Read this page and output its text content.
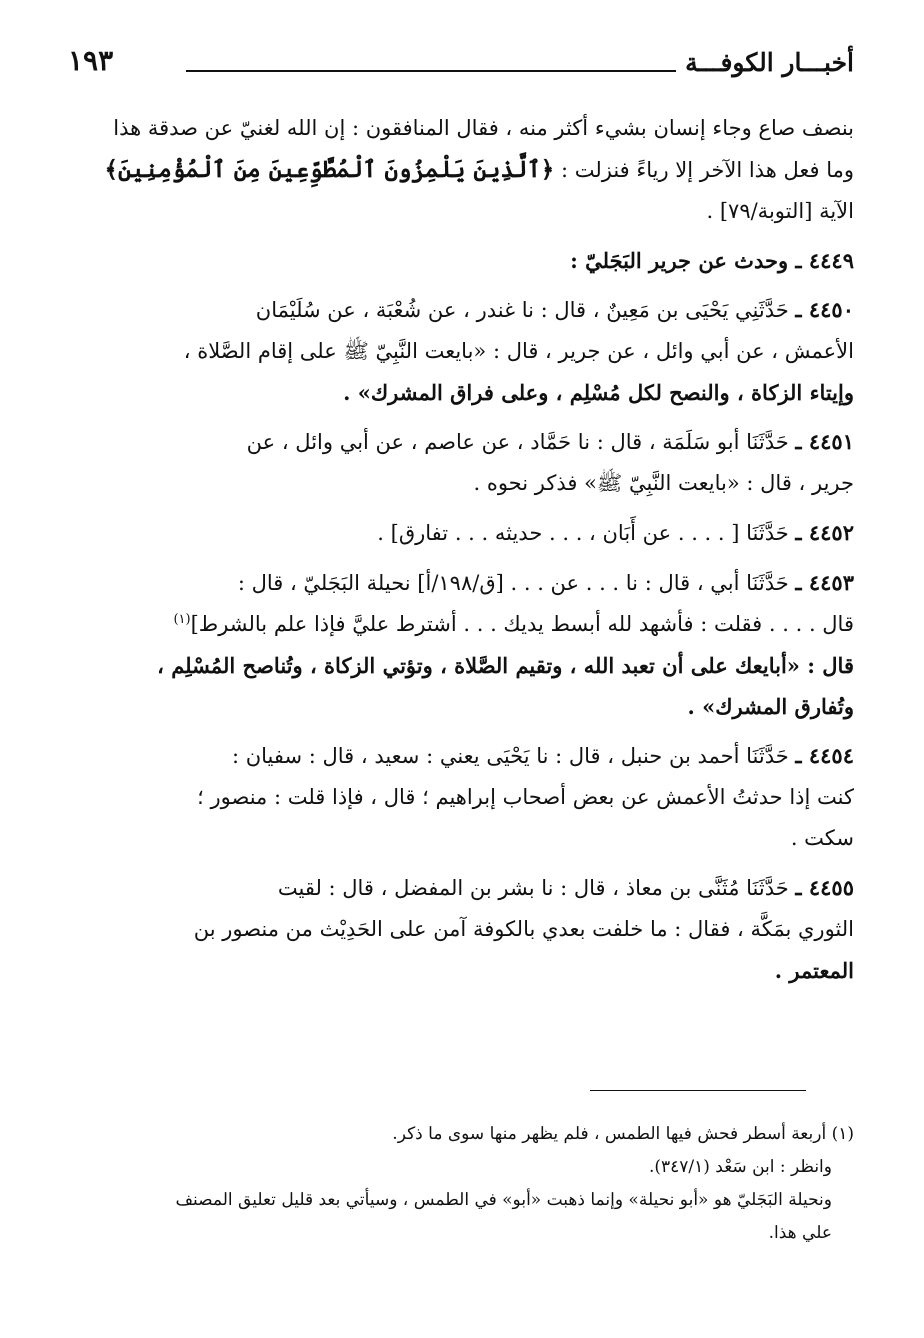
أخبـــار الكوفـــة
١٩٣
بنصف صاع وجاء إنسان بشيء أكثر منه ، فقال المنافقون : إن الله لغنيّ عن صدقة هذا
وما فعل هذا الآخر إلا رياءً فنزلت : ﴿ٱلَّذِينَ يَلْمِزُونَ ٱلْمُطَّوِّعِينَ مِنَ ٱلْمُؤْمِنِينَ﴾
الآية [التوبة/٧٩] .
٤٤٤٩ ـ وحدث عن جرير البَجَليّ :
٤٤٥٠ ـ حَدَّثَنِي يَحْيَى بن مَعِينٌ ، قال : نا غندر ، عن شُعْبَة ، عن سُلَيْمَان
الأعمش ، عن أبي وائل ، عن جرير ، قال : «بايعت النَّبِيّ ﷺ على إقام الصَّلاة ،
وإيتاء الزكاة ، والنصح لكل مُسْلِم ، وعلى فراق المشرك» .
٤٤٥١ ـ حَدَّثَنَا أبو سَلَمَة ، قال : نا حَمَّاد ، عن عاصم ، عن أبي وائل ، عن
جرير ، قال : «بايعت النَّبِيّ ﷺ» فذكر نحوه .
٤٤٥٢ ـ حَدَّثَنَا [ . . . . عن أَبَان ، . . . حديثه . . . تفارق] .
٤٤٥٣ ـ حَدَّثَنَا أبي ، قال : نا . . . عن . . . [ق/١٩٨/أ] نحيلة البَجَليّ ، قال :
قال . . . . فقلت : فأشهد لله أبسط يديك . . . أشترط عليَّ فإذا علم بالشرط]$^{(١)}$
قال : «أبايعك على أن تعبد الله ، وتقيم الصَّلاة ، وتؤتي الزكاة ، وتُناصح المُسْلِم ،
وتُفارق المشرك» .
٤٤٥٤ ـ حَدَّثَنَا أحمد بن حنبل ، قال : نا يَحْيَى يعني : سعيد ، قال : سفيان :
كنت إذا حدثتُ الأعمش عن بعض أصحاب إبراهيم ؛ قال ، فإذا قلت : منصور ؛
سكت .
٤٤٥٥ ـ حَدَّثَنَا مُثَنَّى بن معاذ ، قال : نا بشر بن المفضل ، قال : لقيت
الثوري بمَكَّة ، فقال : ما خلفت بعدي بالكوفة آمن على الحَدِيْث من منصور بن
المعتمر .
(١) أربعة أسطر فحش فيها الطمس ، فلم يظهر منها سوى ما ذكر.
وانظر : ابن سَعْد (٣٤٧/١).
ونحيلة البَجَليّ هو «أبو نحيلة» وإنما ذهبت «أبو» في الطمس ، وسيأتي بعد قليل تعليق المصنف
علي هذا.
